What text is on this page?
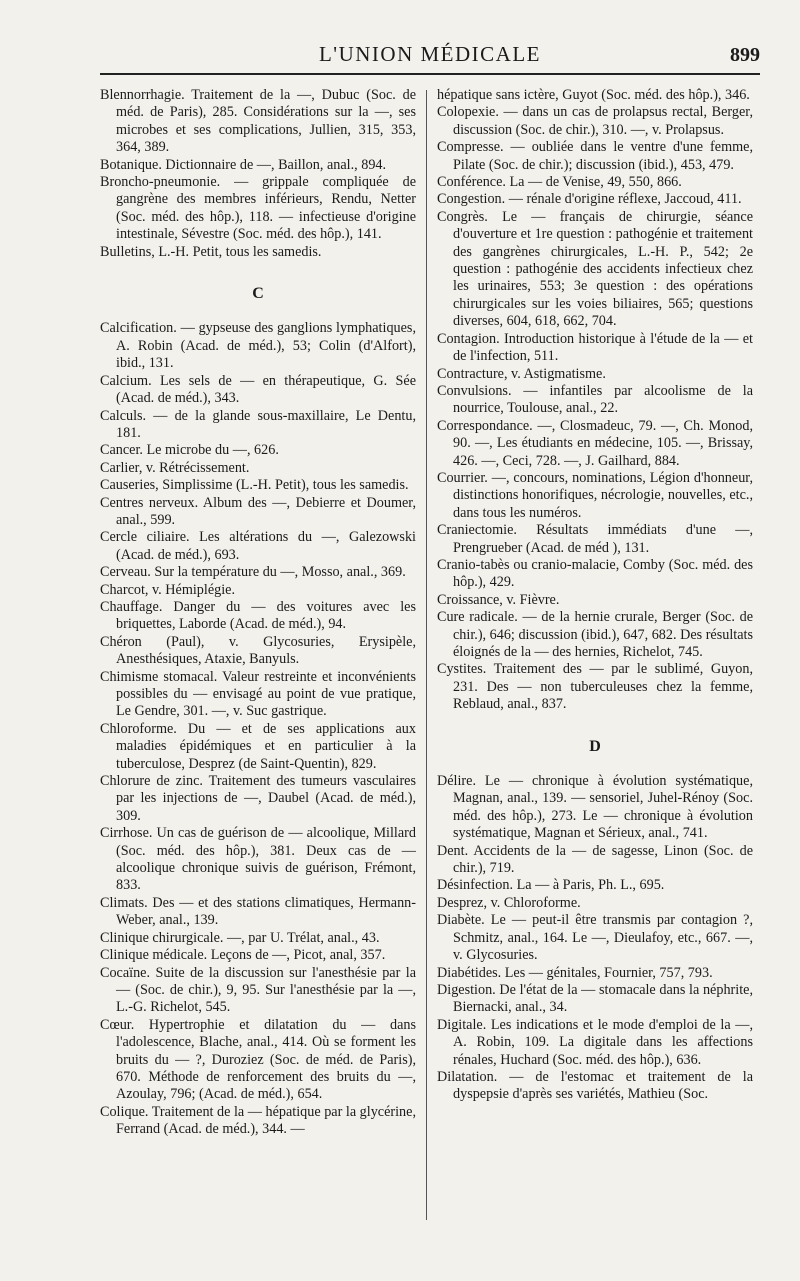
L'UNION MÉDICALE	899

Blennorrhagie. Traitement de la —, Dubuc (Soc. de méd. de Paris), 285. Considérations sur la —, ses microbes et ses complications, Jullien, 315, 353, 364, 389.

Botanique. Dictionnaire de —, Baillon, anal., 894.

Broncho-pneumonie. — grippale compliquée de gangrène des membres inférieurs, Rendu, Netter (Soc. méd. des hôp.), 118. — infectieuse d'origine intestinale, Sévestre (Soc. méd. des hôp.), 141.

Bulletins, L.-H. Petit, tous les samedis.

C

Calcification. — gypseuse des ganglions lymphatiques, A. Robin (Acad. de méd.), 53; Colin (d'Alfort), ibid., 131.

Calcium. Les sels de — en thérapeutique, G. Sée (Acad. de méd.), 343.

Calculs. — de la glande sous-maxillaire, Le Dentu, 181.

Cancer. Le microbe du —, 626.

Carlier, v. Rétrécissement.

Causeries, Simplissime (L.-H. Petit), tous les samedis.

Centres nerveux. Album des —, Debierre et Doumer, anal., 599.

Cercle ciliaire. Les altérations du —, Galezowski (Acad. de méd.), 693.

Cerveau. Sur la température du —, Mosso, anal., 369.

Charcot, v. Hémiplégie.

Chauffage. Danger du — des voitures avec les briquettes, Laborde (Acad. de méd.), 94.

Chéron (Paul), v. Glycosuries, Erysipèle, Anesthésiques, Ataxie, Banyuls.

Chimisme stomacal. Valeur restreinte et inconvénients possibles du — envisagé au point de vue pratique, Le Gendre, 301. —, v. Suc gastrique.

Chloroforme. Du — et de ses applications aux maladies épidémiques et en particulier à la tuberculose, Desprez (de Saint-Quentin), 829.

Chlorure de zinc. Traitement des tumeurs vasculaires par les injections de —, Daubel (Acad. de méd.), 309.

Cirrhose. Un cas de guérison de — alcoolique, Millard (Soc. méd. des hôp.), 381. Deux cas de — alcoolique chronique suivis de guérison, Frémont, 833.

Climats. Des — et des stations climatiques, Hermann-Weber, anal., 139.

Clinique chirurgicale. —, par U. Trélat, anal., 43.

Clinique médicale. Leçons de —, Picot, anal, 357.

Cocaïne. Suite de la discussion sur l'anesthésie par la — (Soc. de chir.), 9, 95. Sur l'anesthésie par la —, L.-G. Richelot, 545.

Cœur. Hypertrophie et dilatation du — dans l'adolescence, Blache, anal., 414. Où se forment les bruits du — ?, Duroziez (Soc. de méd. de Paris), 670. Méthode de renforcement des bruits du —, Azoulay, 796; (Acad. de méd.), 654.

Colique. Traitement de la — hépatique par la glycérine, Ferrand (Acad. de méd.), 344. —

hépatique sans ictère, Guyot (Soc. méd. des hôp.), 346.

Colopexie. — dans un cas de prolapsus rectal, Berger, discussion (Soc. de chir.), 310. —, v. Prolapsus.

Compresse. — oubliée dans le ventre d'une femme, Pilate (Soc. de chir.); discussion (ibid.), 453, 479.

Conférence. La — de Venise, 49, 550, 866.

Congestion. — rénale d'origine réflexe, Jaccoud, 411.

Congrès. Le — français de chirurgie, séance d'ouverture et 1re question : pathogénie et traitement des gangrènes chirurgicales, L.-H. P., 542; 2e question : pathogénie des accidents infectieux chez les urinaires, 553; 3e question : des opérations chirurgicales sur les voies biliaires, 565; questions diverses, 604, 618, 662, 704.

Contagion. Introduction historique à l'étude de la — et de l'infection, 511.

Contracture, v. Astigmatisme.

Convulsions. — infantiles par alcoolisme de la nourrice, Toulouse, anal., 22.

Correspondance. —, Closmadeuc, 79. —, Ch. Monod, 90. —, Les étudiants en médecine, 105. —, Brissay, 426. —, Ceci, 728. —, J. Gailhard, 884.

Courrier. —, concours, nominations, Légion d'honneur, distinctions honorifiques, nécrologie, nouvelles, etc., dans tous les numéros.

Craniectomie. Résultats immédiats d'une —, Prengrueber (Acad. de méd ), 131.

Cranio-tabès ou cranio-malacie, Comby (Soc. méd. des hôp.), 429.

Croissance, v. Fièvre.

Cure radicale. — de la hernie crurale, Berger (Soc. de chir.), 646; discussion (ibid.), 647, 682. Des résultats éloignés de la — des hernies, Richelot, 745.

Cystites. Traitement des — par le sublimé, Guyon, 231. Des — non tuberculeuses chez la femme, Reblaud, anal., 837.

D

Délire. Le — chronique à évolution systématique, Magnan, anal., 139. — sensoriel, Juhel-Rénoy (Soc. méd. des hôp.), 273. Le — chronique à évolution systématique, Magnan et Sérieux, anal., 741.

Dent. Accidents de la — de sagesse, Linon (Soc. de chir.), 719.

Désinfection. La — à Paris, Ph. L., 695.

Desprez, v. Chloroforme.

Diabète. Le — peut-il être transmis par contagion ?, Schmitz, anal., 164. Le —, Dieulafoy, etc., 667. —, v. Glycosuries.

Diabétides. Les — génitales, Fournier, 757, 793.

Digestion. De l'état de la — stomacale dans la néphrite, Biernacki, anal., 34.

Digitale. Les indications et le mode d'emploi de la —, A. Robin, 109. La digitale dans les affections rénales, Huchard (Soc. méd. des hôp.), 636.

Dilatation. — de l'estomac et traitement de la dyspepsie d'après ses variétés, Mathieu (Soc.
